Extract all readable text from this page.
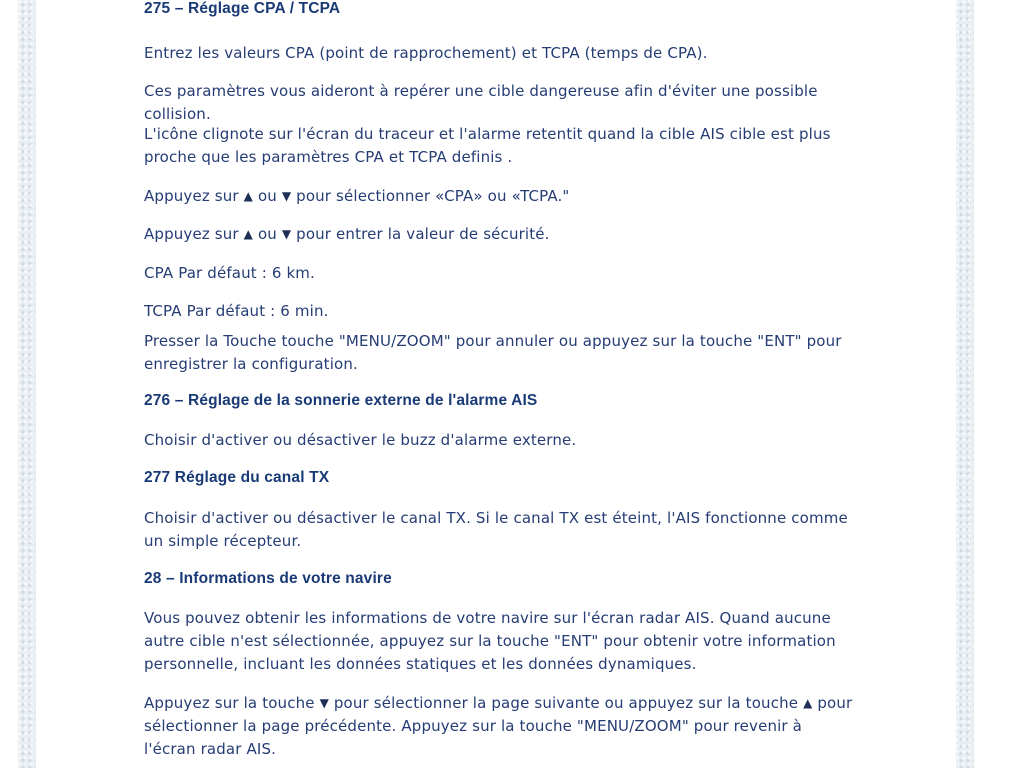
275 – Réglage CPA / TCPA

Entrez les valeurs CPA (point de rapprochement) et TCPA (temps de CPA).

Ces paramètres vous aideront à repérer une cible dangereuse afin d'éviter une possible collision.

L'icône clignote sur l'écran du traceur et l'alarme retentit quand la cible AIS cible est plus proche que les paramètres CPA et TCPA definis .

Appuyez sur ▲ ou ▼ pour sélectionner «CPA» ou «TCPA."

Appuyez sur ▲ ou ▼ pour entrer la valeur de sécurité.

CPA Par défaut : 6 km.

TCPA Par défaut : 6 min.

Presser la Touche touche "MENU/ZOOM" pour annuler ou appuyez sur la touche "ENT" pour enregistrer la configuration.

276 – Réglage de la sonnerie externe de l'alarme AIS

Choisir d'activer ou désactiver le buzz d'alarme externe.

277 Réglage du canal TX

Choisir d'activer ou désactiver le canal TX. Si le canal TX est éteint, l'AIS fonctionne comme un simple récepteur.

28 – Informations de votre navire

Vous pouvez obtenir les informations de votre navire sur l'écran radar AIS. Quand aucune autre cible n'est sélectionnée, appuyez sur la touche "ENT" pour obtenir votre information personnelle, incluant les données statiques et les données dynamiques.

Appuyez sur la touche ▼ pour sélectionner la page suivante ou appuyez sur la touche ▲ pour sélectionner la page précédente. Appuyez sur la touche "MENU/ZOOM" pour revenir à l'écran radar AIS.
